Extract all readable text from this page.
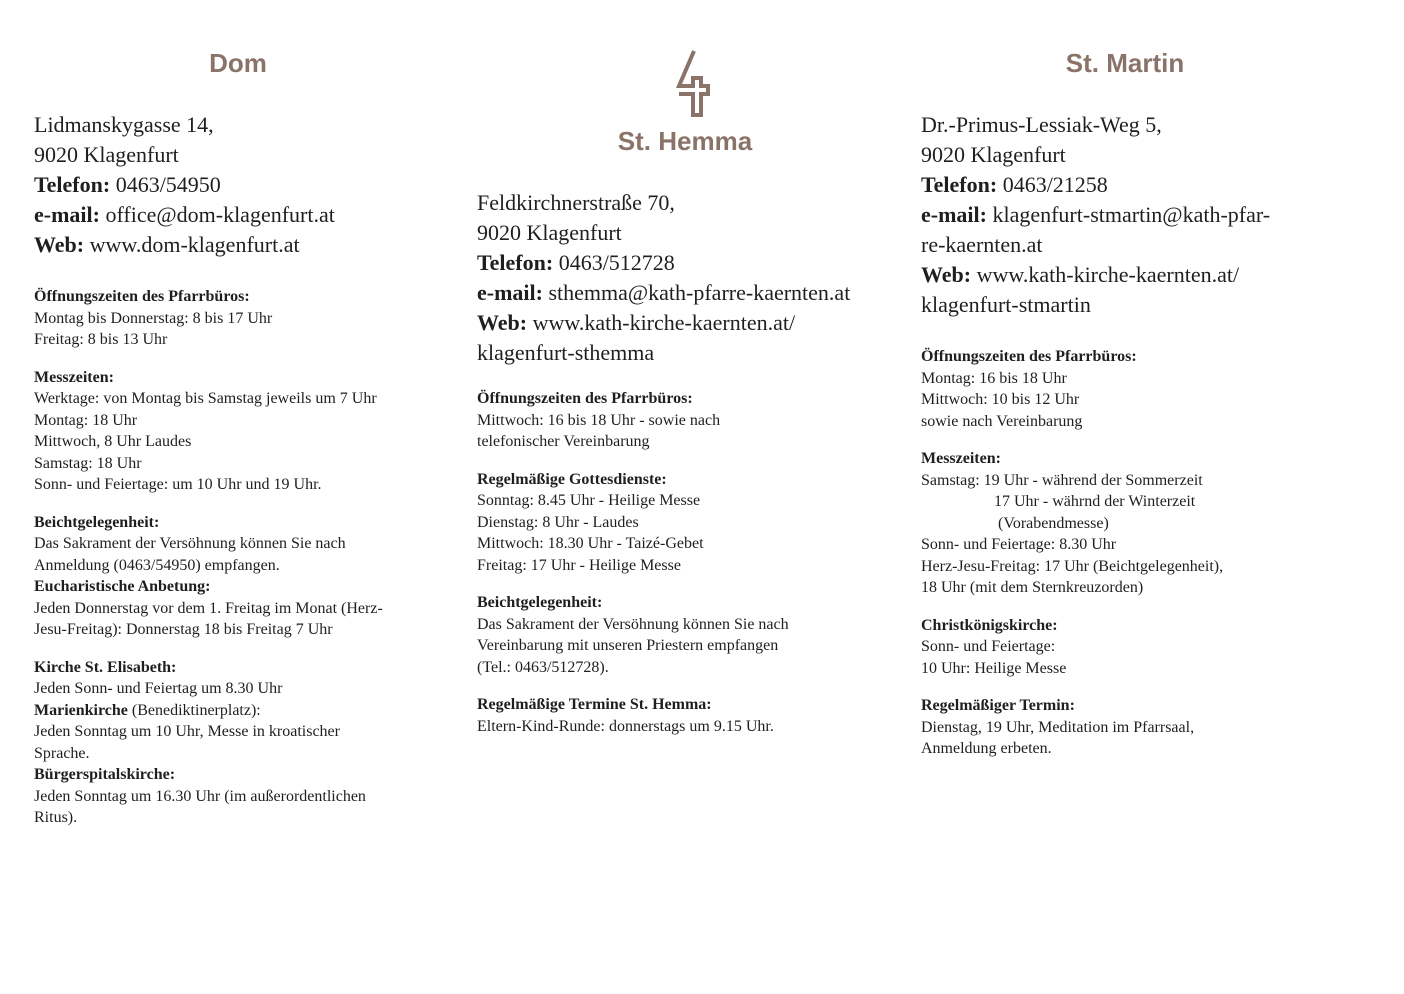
Dom
Lidmanskygasse 14,
9020 Klagenfurt
Telefon: 0463/54950
e-mail: office@dom-klagenfurt.at
Web: www.dom-klagenfurt.at
Öffnungszeiten des Pfarrbüros:
Montag bis Donnerstag: 8 bis 17 Uhr
Freitag: 8 bis 13 Uhr
Messzeiten:
Werktage: von Montag bis Samstag jeweils um 7 Uhr
Montag: 18 Uhr
Mittwoch, 8 Uhr Laudes
Samstag: 18 Uhr
Sonn- und Feiertage: um 10 Uhr und 19 Uhr.
Beichtgelegenheit:
Das Sakrament der Versöhnung können Sie nach
Anmeldung (0463/54950) empfangen.
Eucharistische Anbetung:
Jeden Donnerstag vor dem 1. Freitag im Monat (Herz-
Jesu-Freitag): Donnerstag 18 bis Freitag 7 Uhr
Kirche St. Elisabeth:
Jeden Sonn- und Feiertag um 8.30 Uhr
Marienkirche (Benediktinerplatz):
Jeden Sonntag um 10 Uhr, Messe in kroatischer
Sprache.
Bürgerspitalskirche:
Jeden Sonntag um 16.30 Uhr (im außerordentlichen
Ritus).
St. Hemma
Feldkirchnerstraße 70,
9020 Klagenfurt
Telefon: 0463/512728
e-mail: sthemma@kath-pfarre-kaernten.at
Web: www.kath-kirche-kaernten.at/
klagenfurt-sthemma
Öffnungszeiten des Pfarrbüros:
Mittwoch: 16 bis 18 Uhr - sowie nach
telefonischer Vereinbarung
Regelmäßige Gottesdienste:
Sonntag: 8.45 Uhr - Heilige Messe
Dienstag: 8 Uhr - Laudes
Mittwoch: 18.30 Uhr - Taizé-Gebet
Freitag: 17 Uhr - Heilige Messe
Beichtgelegenheit:
Das Sakrament der Versöhnung können Sie nach
Vereinbarung mit unseren Priestern empfangen
(Tel.: 0463/512728).
Regelmäßige Termine St. Hemma:
Eltern-Kind-Runde: donnerstags um 9.15 Uhr.
St. Martin
Dr.-Primus-Lessiak-Weg 5,
9020 Klagenfurt
Telefon: 0463/21258
e-mail: klagenfurt-stmartin@kath-pfar-
re-kaernten.at
Web: www.kath-kirche-kaernten.at/
klagenfurt-stmartin
Öffnungszeiten des Pfarrbüros:
Montag: 16 bis 18 Uhr
Mittwoch: 10 bis 12 Uhr
sowie nach Vereinbarung
Messzeiten:
Samstag: 19 Uhr - während der Sommerzeit
17 Uhr - währnd der Winterzeit
(Vorabendmesse)
Sonn- und Feiertage: 8.30 Uhr
Herz-Jesu-Freitag: 17 Uhr (Beichtgelegenheit),
18 Uhr (mit dem Sternkreuzorden)
Christkönigskirche:
Sonn- und Feiertage:
10 Uhr: Heilige Messe
Regelmäßiger Termin:
Dienstag, 19 Uhr, Meditation im Pfarrsaal,
Anmeldung erbeten.
